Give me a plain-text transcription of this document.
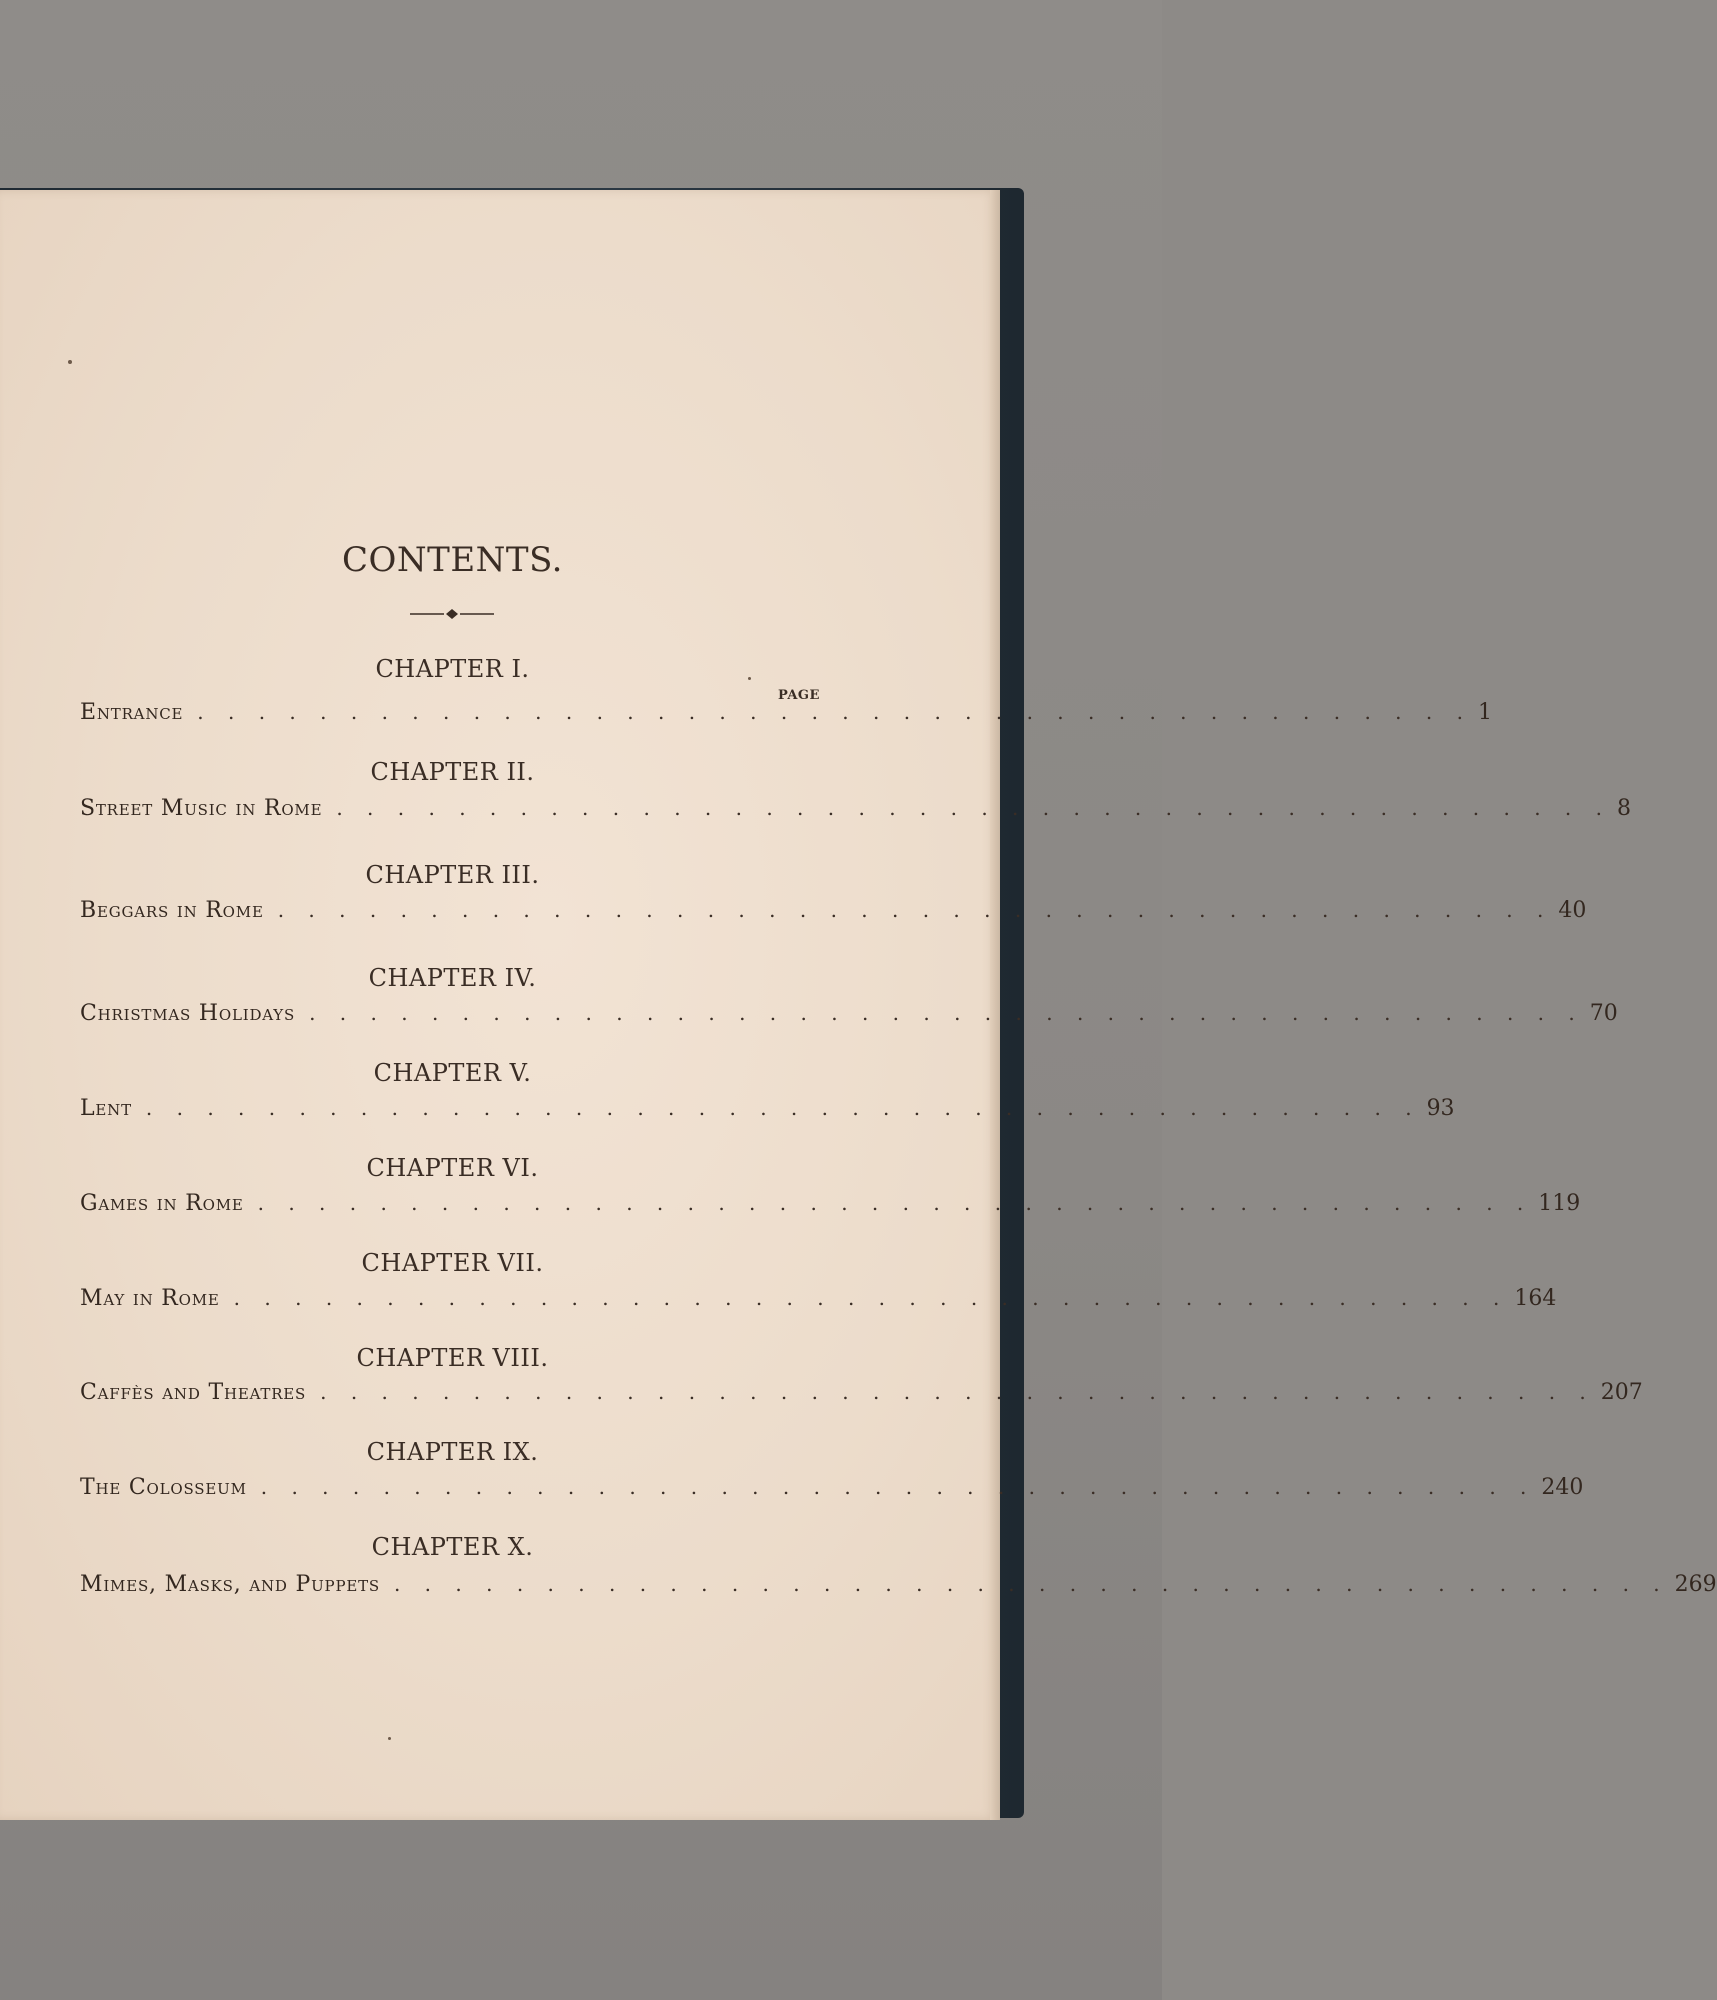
CONTENTS.
PAGE
CHAPTER I.
Entrance . . . . . . . . . . . . . . . . . . . . . . . . . . . . . . . . . . . . . . . . . . 1
CHAPTER II.
Street Music in Rome . . . . . . . . . . . . . . . . . . . . . . . . . . . . . . . . . . . . . . . . . . 8
CHAPTER III.
Beggars in Rome . . . . . . . . . . . . . . . . . . . . . . . . . . . . . . . . . . . . . . . . . . 40
CHAPTER IV.
Christmas Holidays . . . . . . . . . . . . . . . . . . . . . . . . . . . . . . . . . . . . . . . . . . 70
CHAPTER V.
Lent . . . . . . . . . . . . . . . . . . . . . . . . . . . . . . . . . . . . . . . . . . 93
CHAPTER VI.
Games in Rome . . . . . . . . . . . . . . . . . . . . . . . . . . . . . . . . . . . . . . . . . . 119
CHAPTER VII.
May in Rome . . . . . . . . . . . . . . . . . . . . . . . . . . . . . . . . . . . . . . . . . . 164
CHAPTER VIII.
Caffès and Theatres . . . . . . . . . . . . . . . . . . . . . . . . . . . . . . . . . . . . . . . . . . 207
CHAPTER IX.
The Colosseum . . . . . . . . . . . . . . . . . . . . . . . . . . . . . . . . . . . . . . . . . . 240
CHAPTER X.
Mimes, Masks, and Puppets . . . . . . . . . . . . . . . . . . . . . . . . . . . . . . . . . . . . . . . . . . 269
